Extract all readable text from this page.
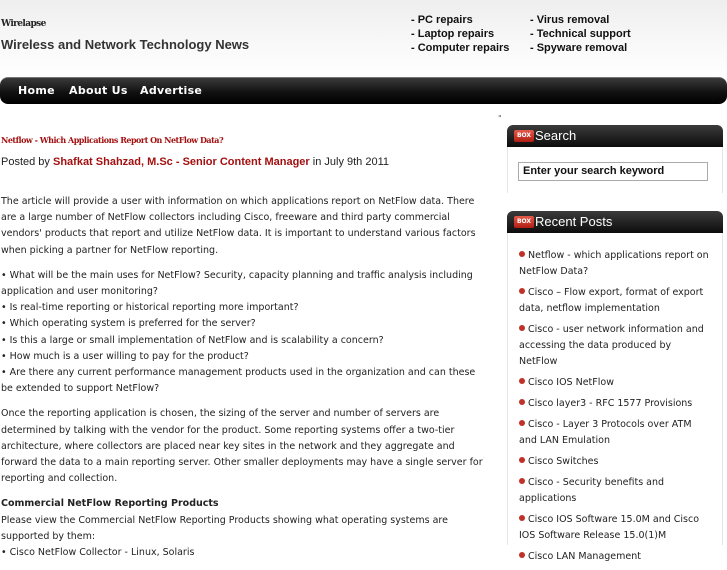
Wirelapse
Wireless and Network Technology News
- PC repairs
- Laptop repairs
- Computer repairs
- Virus removal
- Technical support
- Spyware removal
Home About Us Advertise
Netflow - Which Applications Report On NetFlow Data?
Posted by Shafkat Shahzad, M.Sc - Senior Content Manager in July 9th 2011

The article will provide a user with information on which applications report on NetFlow data. There are a large number of NetFlow collectors including Cisco, freeware and third party commercial vendors' products that report and utilize NetFlow data. It is important to understand various factors when picking a partner for NetFlow reporting.

• What will be the main uses for NetFlow? Security, capacity planning and traffic analysis including application and user monitoring?
• Is real-time reporting or historical reporting more important?
• Which operating system is preferred for the server?
• Is this a large or small implementation of NetFlow and is scalability a concern?
• How much is a user willing to pay for the product?
• Are there any current performance management products used in the organization and can these be extended to support NetFlow?

Once the reporting application is chosen, the sizing of the server and number of servers are determined by talking with the vendor for the product. Some reporting systems offer a two-tier architecture, where collectors are placed near key sites in the network and they aggregate and forward the data to a main reporting server. Other smaller deployments may have a single server for reporting and collection.

Commercial NetFlow Reporting Products
Please view the Commercial NetFlow Reporting Products showing what operating systems are supported by them:
• Cisco NetFlow Collector - Linux, Solaris
"
BOX Search
Enter your search keyword
BOX Recent Posts
Netflow - which applications report on NetFlow Data?
Cisco – Flow export, format of export data, netflow implementation
Cisco - user network information and accessing the data produced by NetFlow
Cisco IOS NetFlow
Cisco layer3 - RFC 1577 Provisions
Cisco - Layer 3 Protocols over ATM and LAN Emulation
Cisco Switches
Cisco - Security benefits and applications
Cisco IOS Software 15.0M and Cisco IOS Software Release 15.0(1)M
Cisco LAN Management
